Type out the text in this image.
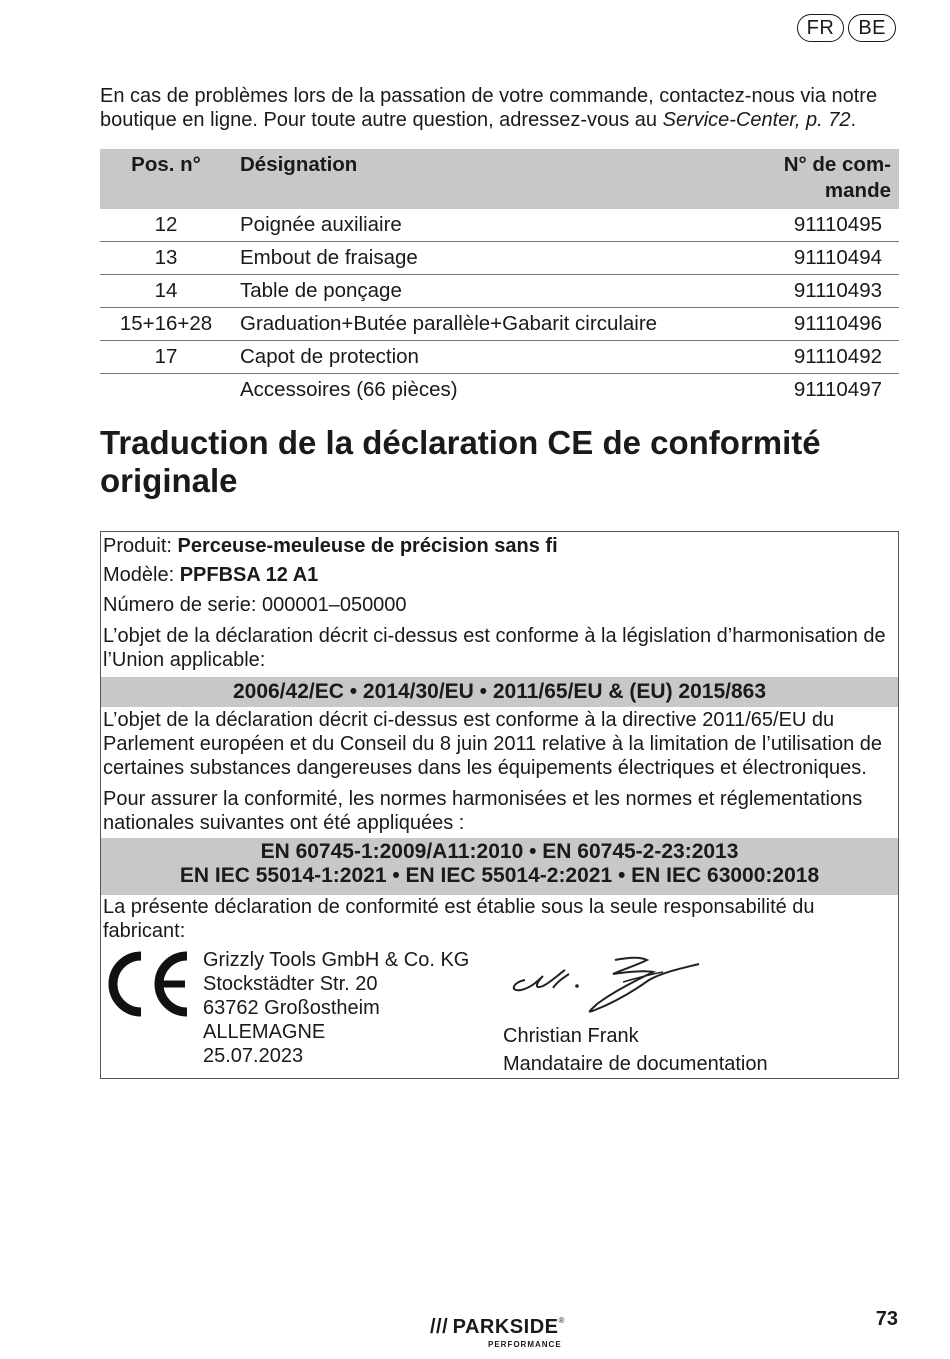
FR	BE

En cas de problèmes lors de la passation de votre commande, contactez-nous via notre boutique en ligne. Pour toute autre question, adressez-vous au Service-Center, p. 72.

Pos. n°	Désignation	N° de com-
mande
12	Poignée auxiliaire	91110495
13	Embout de fraisage	91110494
14	Table de ponçage	91110493
15+16+28	Graduation+Butée parallèle+Gabarit circulaire	91110496
17	Capot de protection	91110492
	Accessoires (66 pièces)	91110497
Traduction de la déclaration CE de conformité originale
Produit: Perceuse-meuleuse de précision sans fi
Modèle: PPFBSA 12 A1
Número de serie: 000001–050000
L’objet de la déclaration décrit ci-dessus est conforme à la législation d’harmonisation de l’Union applicable:
2006/42/EC • 2014/30/EU • 2011/65/EU & (EU) 2015/863
L’objet de la déclaration décrit ci-dessus est conforme à la directive 2011/65/EU du Parlement européen et du Conseil du 8 juin 2011 relative à la limitation de l’utilisation de certaines substances dangereuses dans les équipements électriques et électroniques.
Pour assurer la conformité, les normes harmonisées et les normes et réglementations nationales suivantes ont été appliquées :
EN 60745-1:2009/A11:2010 • EN 60745-2-23:2013
EN IEC 55014-1:2021 • EN IEC 55014-2:2021 • EN IEC 63000:2018
La présente déclaration de conformité est établie sous la seule responsabilité du fabricant:
Grizzly Tools GmbH & Co. KG
Stockstädter Str. 20
63762 Großostheim
ALLEMAGNE
25.07.2023
Christian Frank
Mandataire de documentation
/// PARKSIDE®
PERFORMANCE
73
